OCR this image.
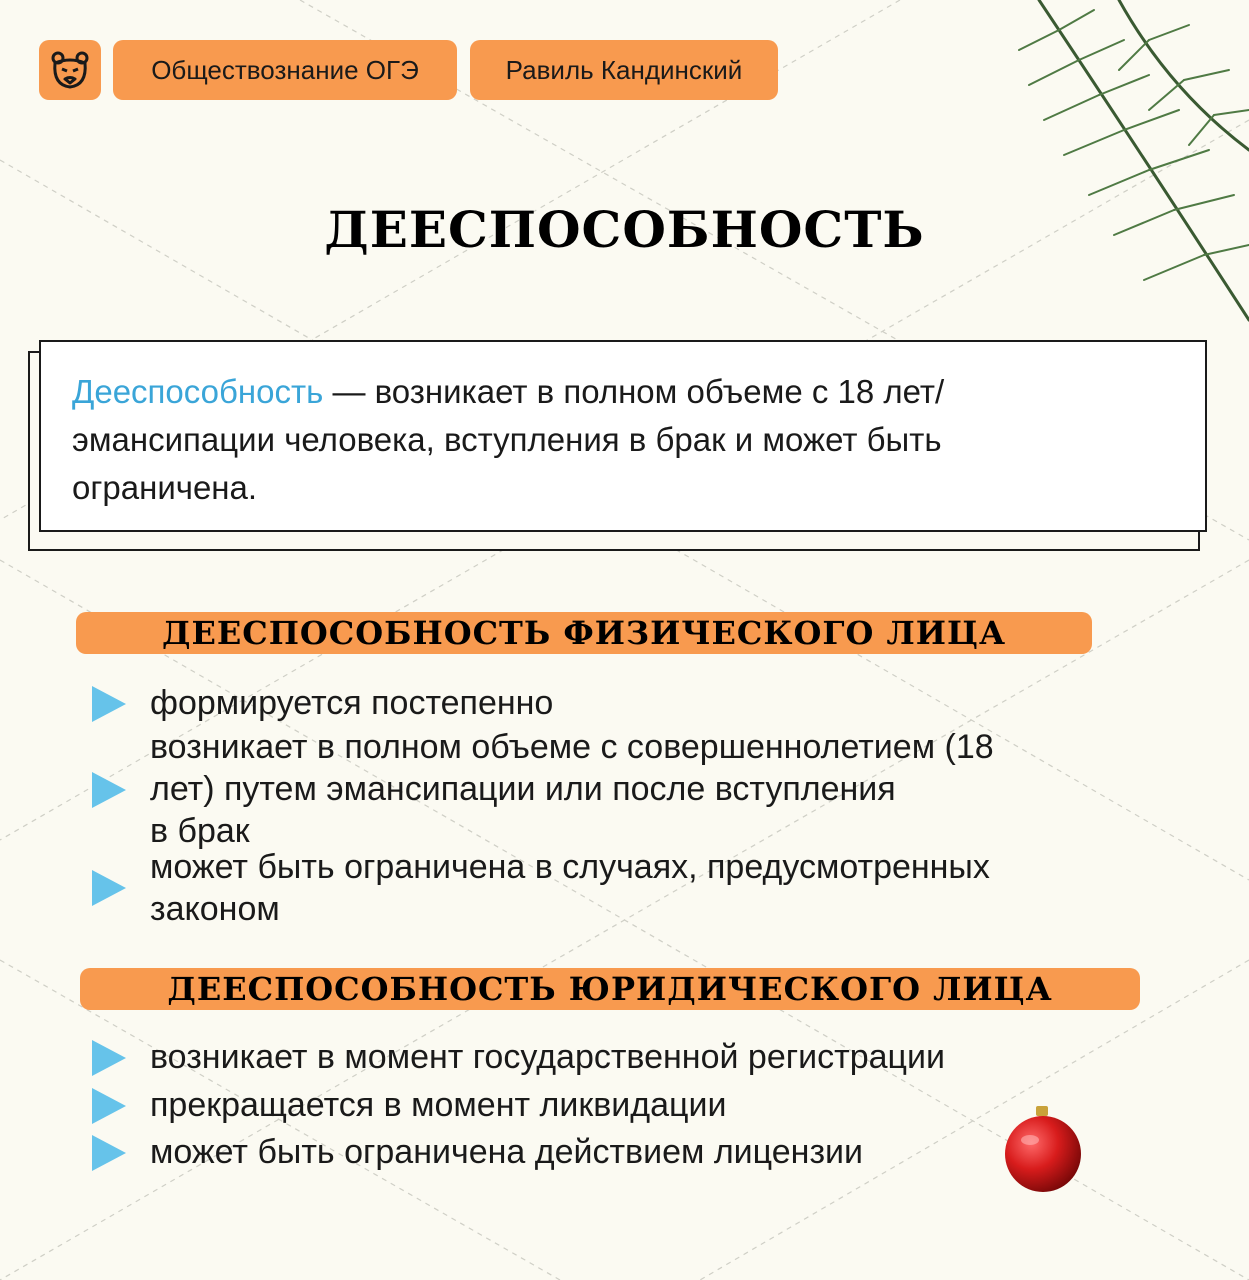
Обществознание ОГЭ	Равиль Кандинский
ДЕЕСПОСОБНОСТЬ
Дееспособность — возникает в полном объеме с 18 лет/
эмансипации человека, вступления в брак и может быть
ограничена.
ДЕЕСПОСОБНОСТЬ ФИЗИЧЕСКОГО ЛИЦА
формируется постепенно
возникает в полном объеме с совершеннолетием (18
лет) путем эмансипации или после вступления
в брак
может быть ограничена в случаях, предусмотренных
законом
ДЕЕСПОСОБНОСТЬ ЮРИДИЧЕСКОГО ЛИЦА
возникает в момент государственной регистрации
прекращается в момент ликвидации
может быть ограничена действием лицензии
